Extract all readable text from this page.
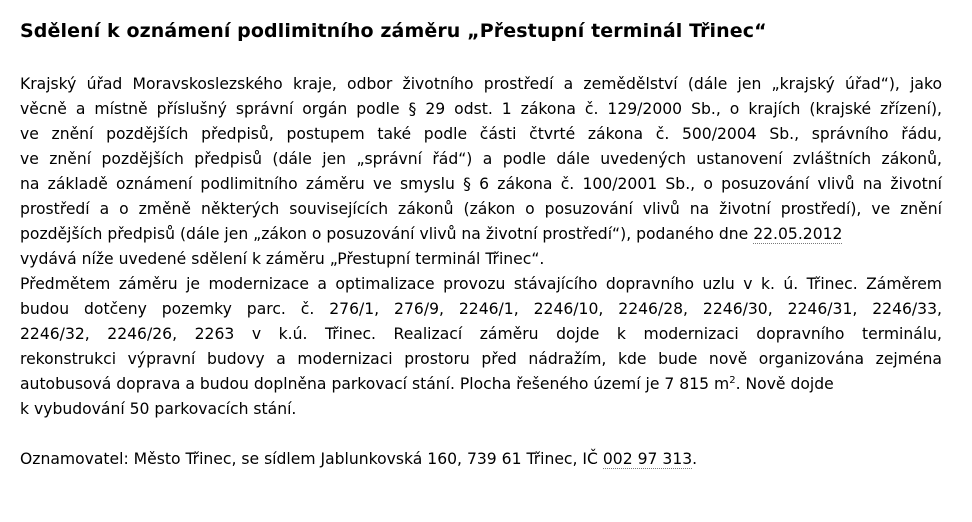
Sdělení k oznámení podlimitního záměru „Přestupní terminál Třinec“

Krajský úřad Moravskoslezského kraje, odbor životního prostředí a zemědělství (dále jen „krajský úřad“), jako
věcně a místně příslušný správní orgán podle § 29 odst. 1 zákona č. 129/2000 Sb., o krajích (krajské zřízení),
ve znění pozdějších předpisů, postupem také podle části čtvrté zákona č. 500/2004 Sb., správního řádu,
ve znění pozdějších předpisů (dále jen „správní řád“) a podle dále uvedených ustanovení zvláštních zákonů,
na základě oznámení podlimitního záměru ve smyslu § 6 zákona č. 100/2001 Sb., o posuzování vlivů na životní
prostředí a o změně některých souvisejících zákonů (zákon o posuzování vlivů na životní prostředí), ve znění
pozdějších předpisů (dále jen „zákon o posuzování vlivů na životní prostředí“), podaného dne 22.05.2012
vydává níže uvedené sdělení k záměru „Přestupní terminál Třinec“.

Předmětem záměru je modernizace a optimalizace provozu stávajícího dopravního uzlu v k. ú. Třinec. Záměrem
budou dotčeny pozemky parc. č. 276/1, 276/9, 2246/1, 2246/10, 2246/28, 2246/30, 2246/31, 2246/33,
2246/32, 2246/26, 2263 v k.ú. Třinec. Realizací záměru dojde k modernizaci dopravního terminálu,
rekonstrukci výpravní budovy a modernizaci prostoru před nádražím, kde bude nově organizována zejména
autobusová doprava a budou doplněna parkovací stání. Plocha řešeného území je 7 815 $m^2$. Nově dojde
k vybudování 50 parkovacích stání.

Oznamovatel: Město Třinec, se sídlem Jablunkovská 160, 739 61 Třinec, IČ 002 97 313.
